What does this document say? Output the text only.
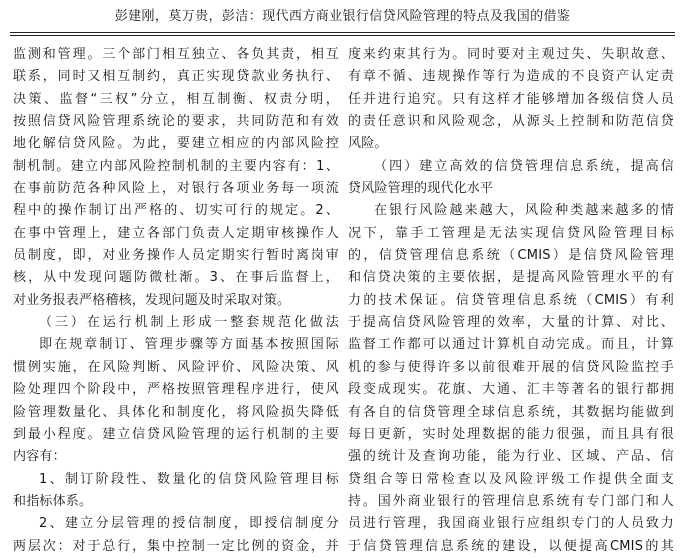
彭建刚，莫万贵，彭洁：现代西方商业银行信贷风险管理的特点及我国的借鉴
监测和管理。三个部门相互独立、各负其责，相互
联系，同时又相互制约，真正实现贷款业务执行、
决策、监督“三权”分立，相互制衡、权责分明，
按照信贷风险管理系统论的要求，共同防范和有效
地化解信贷风险。为此，要建立相应的内部风险控
制机制。建立内部风险控制机制的主要内容有：1、
在事前防范各种风险上，对银行各项业务每一项流
程中的操作制订出严格的、切实可行的规定。2、
在事中管理上，建立各部门负责人定期审核操作人
员制度，即，对业务操作人员定期实行暂时离岗审
核，从中发现问题防微杜渐。3、在事后监督上，
对业务报表严格稽核，发现问题及时采取对策。
（三）在运行机制上形成一整套规范化做法
即在规章制订、管理步骤等方面基本按照国际
惯例实施，在风险判断、风险评价、风险决策、风
险处理四个阶段中，严格按照管理程序进行，使风
险管理数量化、具体化和制度化，将风险损失降低
到最小程度。建立信贷风险管理的运行机制的主要
内容有：
1、制订阶段性、数量化的信贷风险管理目标
和指标体系。
2、建立分层管理的授信制度，即授信制度分
两层次：对于总行，集中控制一定比例的资金，并
度来约束其行为。同时要对主观过失、失职故意、
有章不循、违规操作等行为造成的不良资产认定责
任并进行追究。只有这样才能够增加各级信贷人员
的责任意识和风险观念，从源头上控制和防范信贷
风险。
（四）建立高效的信贷管理信息系统，提高信
贷风险管理的现代化水平
在银行风险越来越大，风险种类越来越多的情
况下，靠手工管理是无法实现信贷风险管理目标
的，信贷管理信息系统（CMIS）是信贷风险管理
和信贷决策的主要依据，是提高风险管理水平的有
力的技术保证。信贷管理信息系统（CMIS）有利
于提高信贷风险管理的效率，大量的计算、对比、
监督工作都可以通过计算机自动完成。而且，计算
机的参与使得许多以前很难开展的信贷风险监控手
段变成现实。花旗、大通、汇丰等著名的银行都拥
有各自的信贷管理全球信息系统，其数据均能做到
每日更新，实时处理数据的能力很强，而且具有很
强的统计及查询功能，能为行业、区域、产品、信
贷组合等日常检查以及风险评级工作提供全面支
持。国外商业银行的管理信息系统有专门部门和人
员进行管理，我国商业银行应组织专门的人员致力
于信贷管理信息系统的建设，以便提高CMIS的其
